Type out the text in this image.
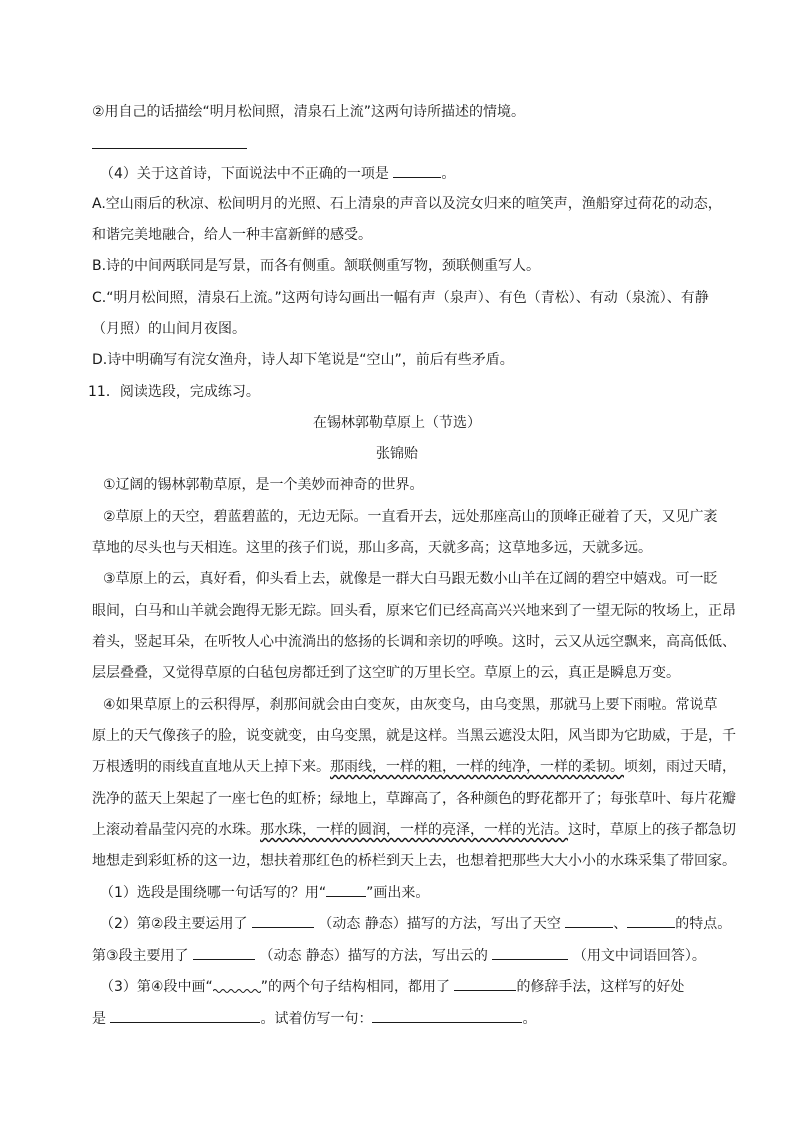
②用自己的话描绘“明月松间照，清泉石上流”这两句诗所描述的情境。
（4）关于这首诗，下面说法中不正确的一项是	。
A.空山雨后的秋凉、松间明月的光照、石上清泉的声音以及浣女归来的喧笑声，渔船穿过荷花的动态，
和谐完美地融合，给人一种丰富新鲜的感受。
B.诗的中间两联同是写景，而各有侧重。颔联侧重写物，颈联侧重写人。
C.“明月松间照，清泉石上流。”这两句诗勾画出一幅有声（泉声）、有色（青松）、有动（泉流）、有静
（月照）的山间月夜图。
D.诗中明确写有浣女渔舟，诗人却下笔说是“空山”，前后有些矛盾。
11．阅读选段，完成练习。
在锡林郭勒草原上（节选）
张锦贻
①辽阔的锡林郭勒草原，是一个美妙而神奇的世界。
②草原上的天空，碧蓝碧蓝的，无边无际。一直看开去，远处那座高山的顶峰正碰着了天，又见广袤
草地的尽头也与天相连。这里的孩子们说，那山多高，天就多高；这草地多远，天就多远。
③草原上的云，真好看，仰头看上去，就像是一群大白马跟无数小山羊在辽阔的碧空中嬉戏。可一眨
眼间，白马和山羊就会跑得无影无踪。回头看，原来它们已经高高兴兴地来到了一望无际的牧场上，正昂
着头，竖起耳朵，在听牧人心中流淌出的悠扬的长调和亲切的呼唤。这时，云又从远空飘来，高高低低、
层层叠叠，又觉得草原的白毡包房都迁到了这空旷的万里长空。草原上的云，真正是瞬息万变。
④如果草原上的云积得厚，刹那间就会由白变灰，由灰变乌，由乌变黑，那就马上要下雨啦。常说草
原上的天气像孩子的脸，说变就变，由乌变黑，就是这样。当黑云遮没太阳，风当即为它助威，于是，千
万根透明的雨线直直地从天上掉下来。那雨线，一样的粗，一样的纯净，一样的柔韧。顷刻，雨过天晴，
洗净的蓝天上架起了一座七色的虹桥；绿地上，草蹿高了，各种颜色的野花都开了；每张草叶、每片花瓣
上滚动着晶莹闪亮的水珠。那水珠，一样的圆润，一样的亮泽，一样的光洁。这时，草原上的孩子都急切
地想走到彩虹桥的这一边，想扶着那红色的桥栏到天上去，也想着把那些大大小小的水珠采集了带回家。
（1）选段是围绕哪一句话写的？用“	”画出来。
（2）第②段主要运用了	（动态 静态）描写的方法，写出了天空	、	的特点。
第③段主要用了	（动态 静态）描写的方法，写出云的	（用文中词语回答）。
（3）第④段中画“	”的两个句子结构相同，都用了	的修辞手法，这样写的好处
是	。试着仿写一句：	。
